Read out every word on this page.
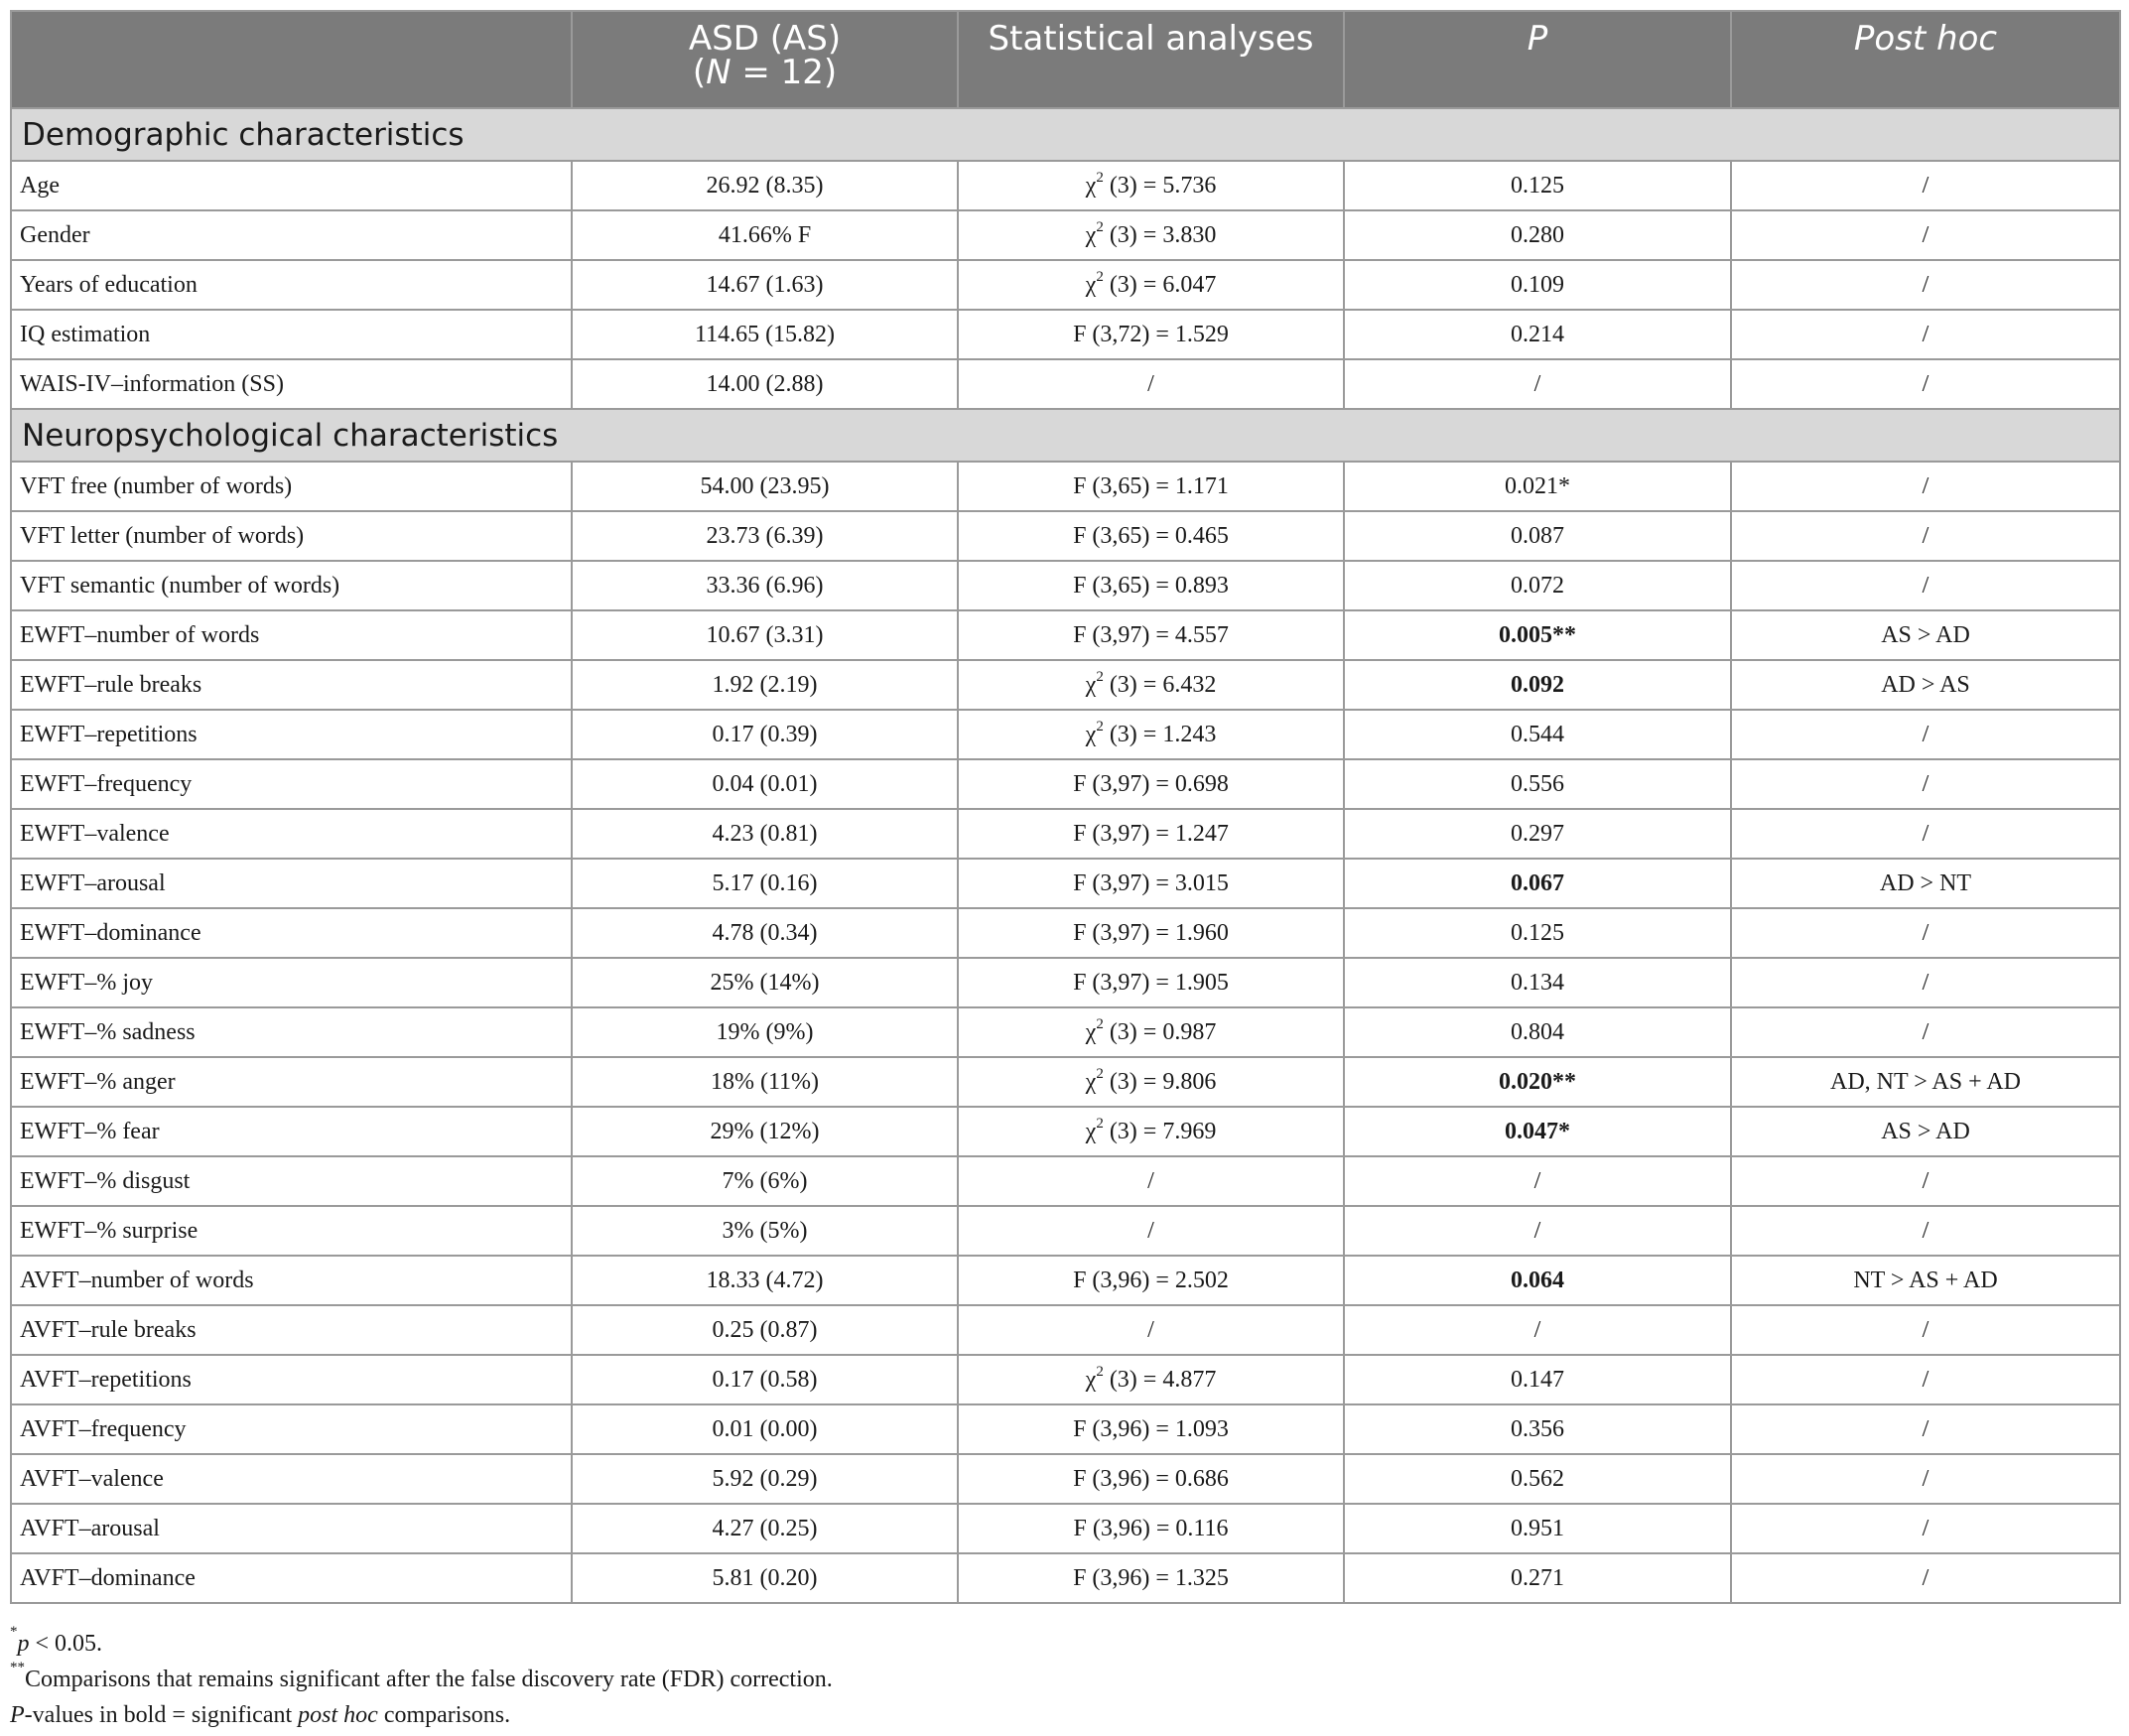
	ASD (AS)
(N = 12)	Statistical analyses	P	Post hoc
Demographic characteristics				
Age	26.92 (8.35)	$\chi^2$ (3) = 5.736	0.125	/
Gender	41.66% F	$\chi^2$ (3) = 3.830	0.280	/
Years of education	14.67 (1.63)	$\chi^2$ (3) = 6.047	0.109	/
IQ estimation	114.65 (15.82)	F (3,72) = 1.529	0.214	/
WAIS-IV–information (SS)	14.00 (2.88)	/	/	/
Neuropsychological characteristics				
VFT free (number of words)	54.00 (23.95)	F (3,65) = 1.171	0.021*	/
VFT letter (number of words)	23.73 (6.39)	F (3,65) = 0.465	0.087	/
VFT semantic (number of words)	33.36 (6.96)	F (3,65) = 0.893	0.072	/
EWFT–number of words	10.67 (3.31)	F (3,97) = 4.557	0.005**	AS > AD
EWFT–rule breaks	1.92 (2.19)	$\chi^2$ (3) = 6.432	0.092	AD > AS
EWFT–repetitions	0.17 (0.39)	$\chi^2$ (3) = 1.243	0.544	/
EWFT–frequency	0.04 (0.01)	F (3,97) = 0.698	0.556	/
EWFT–valence	4.23 (0.81)	F (3,97) = 1.247	0.297	/
EWFT–arousal	5.17 (0.16)	F (3,97) = 3.015	0.067	AD > NT
EWFT–dominance	4.78 (0.34)	F (3,97) = 1.960	0.125	/
EWFT–% joy	25% (14%)	F (3,97) = 1.905	0.134	/
EWFT–% sadness	19% (9%)	$\chi^2$ (3) = 0.987	0.804	/
EWFT–% anger	18% (11%)	$\chi^2$ (3) = 9.806	0.020**	AD, NT > AS + AD
EWFT–% fear	29% (12%)	$\chi^2$ (3) = 7.969	0.047*	AS > AD
EWFT–% disgust	7% (6%)	/	/	/
EWFT–% surprise	3% (5%)	/	/	/
AVFT–number of words	18.33 (4.72)	F (3,96) = 2.502	0.064	NT > AS + AD
AVFT–rule breaks	0.25 (0.87)	/	/	/
AVFT–repetitions	0.17 (0.58)	$\chi^2$ (3) = 4.877	0.147	/
AVFT–frequency	0.01 (0.00)	F (3,96) = 1.093	0.356	/
AVFT–valence	5.92 (0.29)	F (3,96) = 0.686	0.562	/
AVFT–arousal	4.27 (0.25)	F (3,96) = 0.116	0.951	/
AVFT–dominance	5.81 (0.20)	F (3,96) = 1.325	0.271	/

*p < 0.05.

**Comparisons that remains significant after the false discovery rate (FDR) correction.

P-values in bold = significant post hoc comparisons.
